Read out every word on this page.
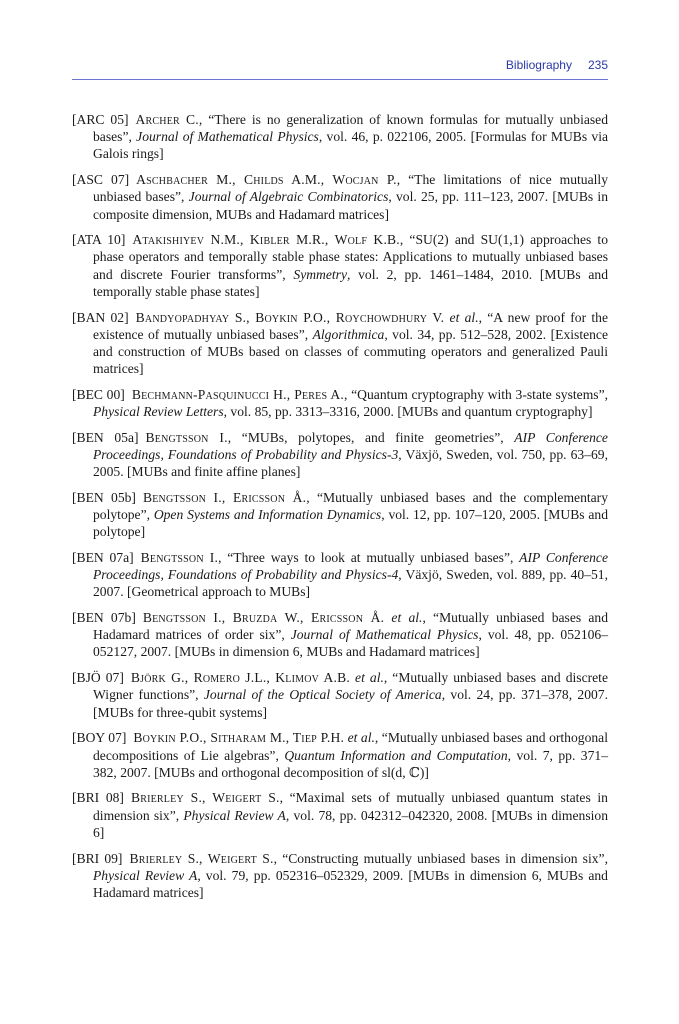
Bibliography 235

[ARC 05] Archer C., “There is no generalization of known formulas for mutually unbiased bases”, Journal of Mathematical Physics, vol. 46, p. 022106, 2005. [Formulas for MUBs via Galois rings]

[ASC 07] Aschbacher M., Childs A.M., Wocjan P., “The limitations of nice mutually unbiased bases”, Journal of Algebraic Combinatorics, vol. 25, pp. 111–123, 2007. [MUBs in composite dimension, MUBs and Hadamard matrices]

[ATA 10] Atakishiyev N.M., Kibler M.R., Wolf K.B., “SU(2) and SU(1,1) approaches to phase operators and temporally stable phase states: Applications to mutually unbiased bases and discrete Fourier transforms”, Symmetry, vol. 2, pp. 1461–1484, 2010. [MUBs and temporally stable phase states]

[BAN 02] Bandyopadhyay S., Boykin P.O., Roychowdhury V. et al., “A new proof for the existence of mutually unbiased bases”, Algorithmica, vol. 34, pp. 512–528, 2002. [Existence and construction of MUBs based on classes of commuting operators and generalized Pauli matrices]

[BEC 00] Bechmann-Pasquinucci H., Peres A., “Quantum cryptography with 3-state systems”, Physical Review Letters, vol. 85, pp. 3313–3316, 2000. [MUBs and quantum cryptography]

[BEN 05a] Bengtsson I., “MUBs, polytopes, and finite geometries”, AIP Conference Proceedings, Foundations of Probability and Physics-3, Växjö, Sweden, vol. 750, pp. 63–69, 2005. [MUBs and finite affine planes]

[BEN 05b] Bengtsson I., Ericsson Å., “Mutually unbiased bases and the complementary polytope”, Open Systems and Information Dynamics, vol. 12, pp. 107–120, 2005. [MUBs and polytope]

[BEN 07a] Bengtsson I., “Three ways to look at mutually unbiased bases”, AIP Conference Proceedings, Foundations of Probability and Physics-4, Växjö, Sweden, vol. 889, pp. 40–51, 2007. [Geometrical approach to MUBs]

[BEN 07b] Bengtsson I., Bruzda W., Ericsson Å. et al., “Mutually unbiased bases and Hadamard matrices of order six”, Journal of Mathematical Physics, vol. 48, pp. 052106–052127, 2007. [MUBs in dimension 6, MUBs and Hadamard matrices]

[BJÖ 07] Björk G., Romero J.L., Klimov A.B. et al., “Mutually unbiased bases and discrete Wigner functions”, Journal of the Optical Society of America, vol. 24, pp. 371–378, 2007. [MUBs for three-qubit systems]

[BOY 07] Boykin P.O., Sitharam M., Tiep P.H. et al., “Mutually unbiased bases and orthogonal decompositions of Lie algebras”, Quantum Information and Computation, vol. 7, pp. 371–382, 2007. [MUBs and orthogonal decomposition of sl(d, ℂ)]

[BRI 08] Brierley S., Weigert S., “Maximal sets of mutually unbiased quantum states in dimension six”, Physical Review A, vol. 78, pp. 042312–042320, 2008. [MUBs in dimension 6]

[BRI 09] Brierley S., Weigert S., “Constructing mutually unbiased bases in dimension six”, Physical Review A, vol. 79, pp. 052316–052329, 2009. [MUBs in dimension 6, MUBs and Hadamard matrices]
